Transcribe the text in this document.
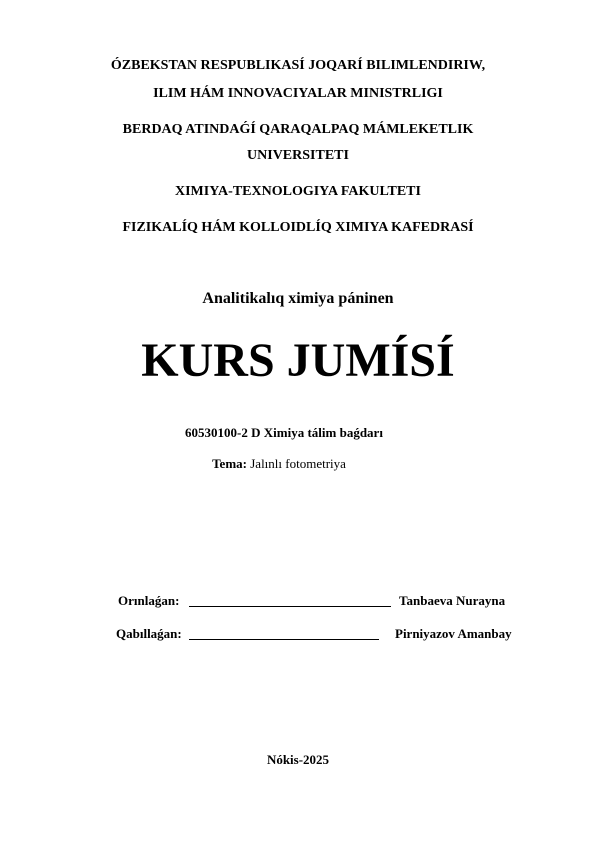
ÓZBEKSTAN RESPUBLIKASÍ JOQARÍ BILIMLENDIRIW,
ILIM HÁM INNOVACIYALAR MINISTRLIGI
BERDAQ ATINDAǴÍ QARAQALPAQ MÁMLEKETLIK
UNIVERSITETI
XIMIYA-TEXNOLOGIYA FAKULTETI
FIZIKALÍQ HÁM KOLLOIDLÍQ XIMIYA KAFEDRASÍ
Analitikalıq ximiya páninen
KURS JUMÍSÍ
60530100-2 D Ximiya tálim baǵdarı
Tema: Jalınlı fotometriya
Orınlaǵan:	Tanbaeva Nurayna
Qabıllaǵan:	Pirniyazov Amanbay
Nókis-2025
